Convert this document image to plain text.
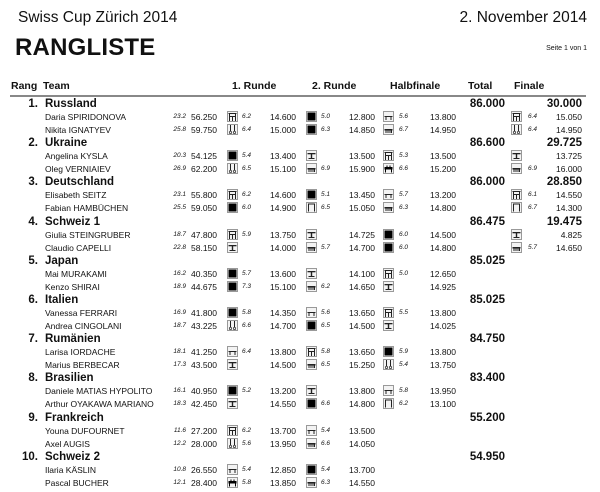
Swiss Cup Zürich 2014	2. November 2014
RANGLISTE	Seite 1 von 1
Rang Team	1. Runde	2. Runde	Halbfinale	Total Finale
1. Russland	86.000	30.000
Daria SPIRIDONOVA	23.2 56.250	6.2	14.600	5.0	12.800	5.6	13.800	6.4	15.050
Nikita IGNATYEV	25.8 59.750	6.4	15.000	6.3	14.850	6.7	14.950	6.4	14.950
2. Ukraine	86.600	29.725
Angelina KYSLA	20.3 54.125	5.4	13.400	13.500	5.3	13.500	13.725
Oleg VERNIAIEV	26.9 62.200	6.5	15.100	6.9	15.900	6.6	15.200	6.9	16.000
3. Deutschland	86.000	28.850
Elisabeth SEITZ	23.1 55.800	6.2	14.600	5.1	13.450	5.7	13.200	6.1	14.550
Fabian HAMBÜCHEN	25.5 59.050	6.0	14.900	6.5	15.050	6.3	14.800	6.7	14.300
4. Schweiz 1	86.475	19.475
Giulia STEINGRUBER	18.7 47.800	5.9	13.750	14.725	6.0	14.500	4.825
Claudio CAPELLI	22.8 58.150	14.000	5.7	14.700	6.0	14.800	5.7	14.650
5. Japan	85.025
Mai MURAKAMI	16.2 40.350	5.7	13.600	14.100	5.0	12.650
Kenzo SHIRAI	18.9 44.675	7.3	15.100	6.2	14.650	14.925
6. Italien	85.025
Vanessa FERRARI	16.9 41.800	5.8	14.350	5.6	13.650	5.5	13.800
Andrea CINGOLANI	18.7 43.225	6.6	14.700	6.5	14.500	14.025
7. Rumänien	84.750
Larisa IORDACHE	18.1 41.250	6.4	13.800	5.8	13.650	5.9	13.800
Marius BERBECAR	17.3 43.500	14.500	6.5	15.250	5.4	13.750
8. Brasilien	83.400
Daniele MATIAS HYPOLITO	16.1 40.950	5.2	13.200	13.800	5.8	13.950
Arthur OYAKAWA MARIANO	18.3 42.450	14.550	6.6	14.800	6.2	13.100
9. Frankreich	55.200
Youna DUFOURNET	11.6 27.200	6.2	13.700	5.4	13.500
Axel AUGIS	12.2 28.000	5.6	13.950	6.6	14.050
10. Schweiz 2	54.950
Ilaria KÄSLIN	10.8 26.550	5.4	12.850	5.4	13.700
Pascal BUCHER	12.1 28.400	5.8	13.850	6.3	14.550
